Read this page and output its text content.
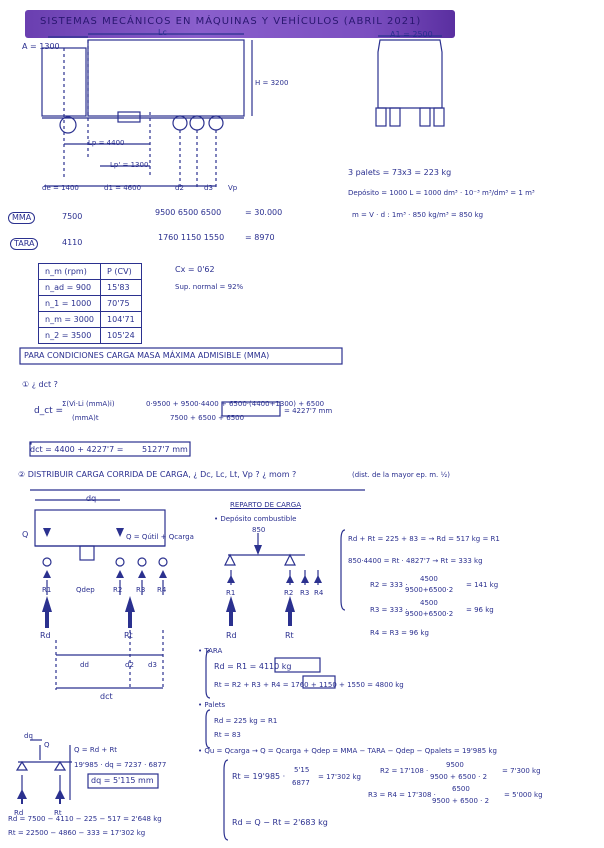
SISTEMAS MECÁNICOS EN MÁQUINAS Y VEHÍCULOS (ABRIL 2021)
A = 1300
Lc	A1 = 2500
H = 3200
Lp = 4400
Lp' = 1300
de = 1400	d1 = 4600	d2	d3 Vp
MMA	7500	9500 6500 6500	= 30.000
TARA	4110
1760 1150 1550	= 8970
3 palets = 73x3 = 223 kg
Depósito = 1000 L = 1000 dm³ · 10⁻³ m³/dm³ = 1 m³
m = V · d : 1m³ · 850 kg/m³ = 850 kg
n_m (rpm)	P (CV)
n_ad = 900	15'83
n_1 = 1000	70'75
n_m = 3000	104'71
n_2 = 3500	105'24
Cx = 0'62
Sup. normal = 92%
PARA CONDICIONES CARGA MASA MÁXIMA ADMISIBLE (MMA)
① ¿ dct ?
d_ct =
Σ(Vi·Li (mmA)i)
(mmA)t
0·9500 + 9500·4400 + 6500·(4400+1300) + 6500
7500 + 6500 + 6500
= 4227'7 mm
dct = 4400 + 4227'7 = 5127'7 mm
② DISTRIBUIR CARGA CORRIDA DE CARGA, ¿ Dc, Lc, Lt, Vp ? ¿ mom ?	(dist. de la mayor ep. m. ½)
dq
Q	Q = Qútil + Qcarga
R1	Qdep	R2 R3 R4
Rd	Rt
dd	d2 d3
dct
REPARTO DE CARGA
• Depósito combustible
850
R1	R2 R3 R4
Rd	Rt
Rd + Rt = 225 + 83 = → Rd = 517 kg = R1
850·4400 = Rt · 4827'7 → Rt = 333 kg
R2 = 333 ·
4500
9500+6500·2
= 141 kg
R3 = 333 ·
4500
9500+6500·2 = 96 kg
R4 = R3 = 96 kg
• TARA
Rd = R1 = 4110 kg
Rt = R2 + R3 + R4 = 1760 + 1150 + 1550 = 4800 kg
• Palets
Rd = 225 kg = R1
Rt = 83
• Qu = Qcarga → Q = Qcarga + Qdep = MMA − TARA − Qdep − Qpalets = 19'985 kg
dq
Q
Rd	Rt
Q = Rd + Rt
19'985 · dq = 7237 · 6877
dq = 5'115 mm
Rd = 7500 − 4110 − 225 − 517 = 2'648 kg
Rt = 22500 − 4860 − 333 = 17'302 kg
Rt = 19'985 ·
5'15
6877
= 17'302 kg
R2 = 17'108 ·
9500
9500 + 6500 · 2
= 7'300 kg
R3 = R4 = 17'308 ·
6500
9500 + 6500 · 2
= 5'000 kg
Rd = Q − Rt = 2'683 kg
